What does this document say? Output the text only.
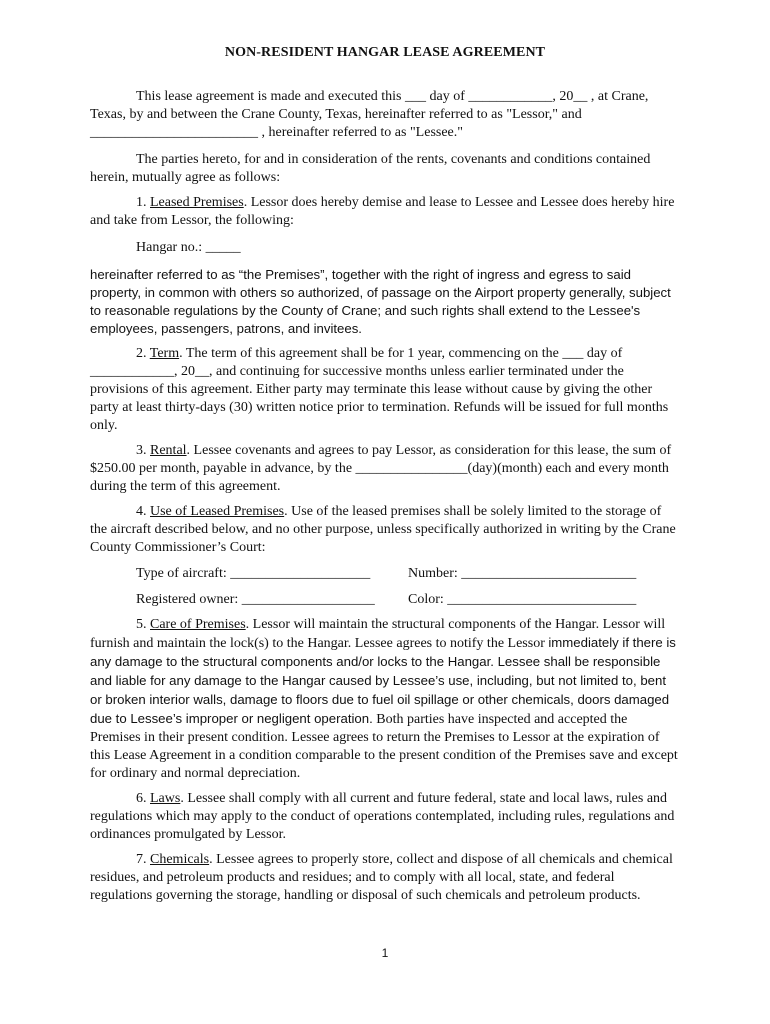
NON-RESIDENT HANGAR LEASE AGREEMENT

This lease agreement is made and executed this ___ day of ____________, 20__ , at Crane, Texas, by and between the Crane County, Texas, hereinafter referred to as "Lessor," and ________________________ , hereinafter referred to as "Lessee."

The parties hereto, for and in consideration of the rents, covenants and conditions contained herein, mutually agree as follows:

1. Leased Premises. Lessor does hereby demise and lease to Lessee and Lessee does hereby hire and take from Lessor, the following:

Hangar no.: _____

hereinafter referred to as “the Premises”, together with the right of ingress and egress to said property, in common with others so authorized, of passage on the Airport property generally, subject to reasonable regulations by the County of Crane; and such rights shall extend to the Lessee's employees, passengers, patrons, and invitees.

2. Term. The term of this agreement shall be for 1 year, commencing on the ___ day of ____________, 20__, and continuing for successive months unless earlier terminated under the provisions of this agreement. Either party may terminate this lease without cause by giving the other party at least thirty-days (30) written notice prior to termination. Refunds will be issued for full months only.

3. Rental. Lessee covenants and agrees to pay Lessor, as consideration for this lease, the sum of $250.00 per month, payable in advance, by the ________________(day)(month) each and every month during the term of this agreement.

4. Use of Leased Premises. Use of the leased premises shall be solely limited to the storage of the aircraft described below, and no other purpose, unless specifically authorized in writing by the Crane County Commissioner’s Court:

Type of aircraft: ____________________	Number: _________________________
Registered owner: ___________________ Color: ___________________________

5. Care of Premises. Lessor will maintain the structural components of the Hangar. Lessor will furnish and maintain the lock(s) to the Hangar. Lessee agrees to notify the Lessor immediately if there is any damage to the structural components and/or locks to the Hangar. Lessee shall be responsible and liable for any damage to the Hangar caused by Lessee’s use, including, but not limited to, bent or broken interior walls, damage to floors due to fuel oil spillage or other chemicals, doors damaged due to Lessee’s improper or negligent operation. Both parties have inspected and accepted the Premises in their present condition. Lessee agrees to return the Premises to Lessor at the expiration of this Lease Agreement in a condition comparable to the present condition of the Premises save and except for ordinary and normal depreciation.

6. Laws. Lessee shall comply with all current and future federal, state and local laws, rules and regulations which may apply to the conduct of operations contemplated, including rules, regulations and ordinances promulgated by Lessor.

7. Chemicals. Lessee agrees to properly store, collect and dispose of all chemicals and chemical residues, and petroleum products and residues; and to comply with all local, state, and federal regulations governing the storage, handling or disposal of such chemicals and petroleum products.

1
